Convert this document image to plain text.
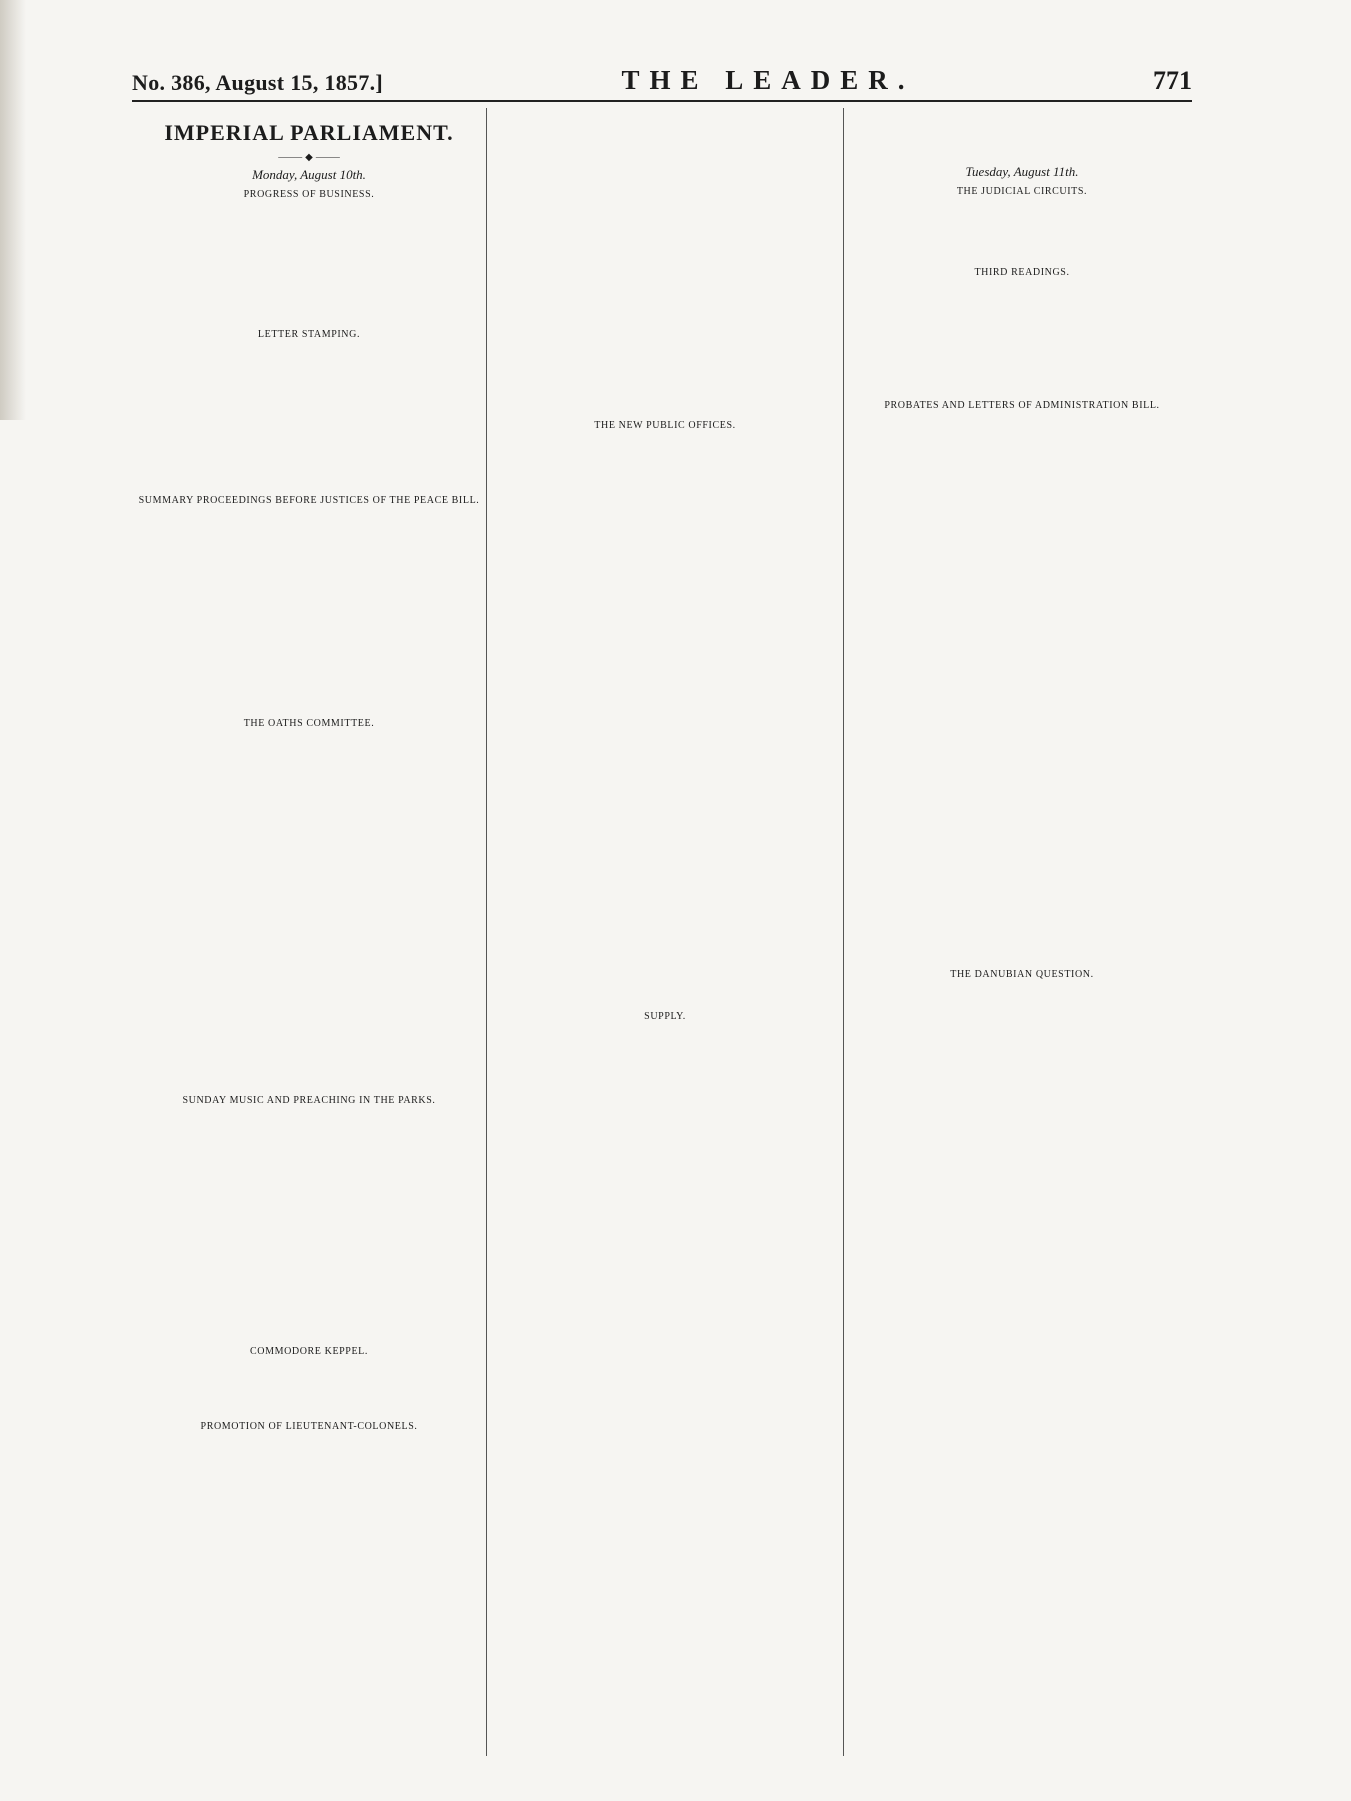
No. 386, August 15, 1857.]	THE LEADER.	771
IMPERIAL PARLIAMENT.
⸻ ◆ ⸻
Monday, August 10th.
PROGRESS OF BUSINESS.
LETTER STAMPING.
SUMMARY PROCEEDINGS BEFORE JUSTICES OF THE PEACE BILL.
THE OATHS COMMITTEE.
SUNDAY MUSIC AND PREACHING IN THE PARKS.
COMMODORE KEPPEL.
PROMOTION OF LIEUTENANT-COLONELS.
THE NEW PUBLIC OFFICES.
SUPPLY.
Tuesday, August 11th.
THE JUDICIAL CIRCUITS.
THIRD READINGS.
PROBATES AND LETTERS OF ADMINISTRATION BILL.
THE DANUBIAN QUESTION.
